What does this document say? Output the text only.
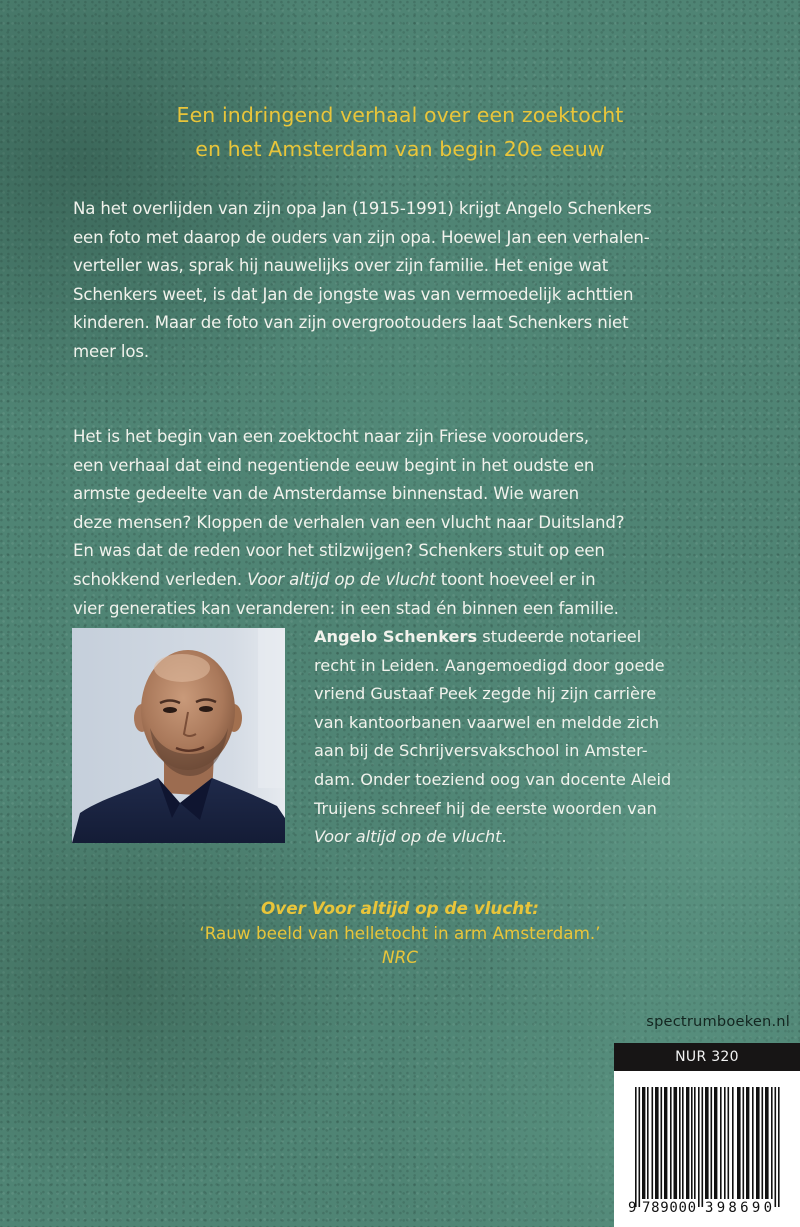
Een indringend verhaal over een zoektocht
en het Amsterdam van begin 20e eeuw
Na het overlijden van zijn opa Jan (1915-1991) krijgt Angelo Schenkers
een foto met daarop de ouders van zijn opa. Hoewel Jan een verhalen-
verteller was, sprak hij nauwelijks over zijn familie. Het enige wat
Schenkers weet, is dat Jan de jongste was van vermoedelijk achttien
kinderen. Maar de foto van zijn overgrootouders laat Schenkers niet
meer los.
Het is het begin van een zoektocht naar zijn Friese voorouders,
een verhaal dat eind negentiende eeuw begint in het oudste en
armste gedeelte van de Amsterdamse binnenstad. Wie waren
deze mensen? Kloppen de verhalen van een vlucht naar Duitsland?
En was dat de reden voor het stilzwijgen? Schenkers stuit op een
schokkend verleden. Voor altijd op de vlucht toont hoeveel er in
vier generaties kan veranderen: in een stad én binnen een familie.
Angelo Schenkers studeerde notarieel
recht in Leiden. Aangemoedigd door goede
vriend Gustaaf Peek zegde hij zijn carrière
van kantoorbanen vaarwel en meldde zich
aan bij de Schrijversvakschool in Amster-
dam. Onder toeziend oog van docente Aleid
Truijens schreef hij de eerste woorden van
Voor altijd op de vlucht.
Over Voor altijd op de vlucht:
‘Rauw beeld van helletocht in arm Amsterdam.’
NRC
spectrumboeken.nl
NUR 320
9 789000 398690
